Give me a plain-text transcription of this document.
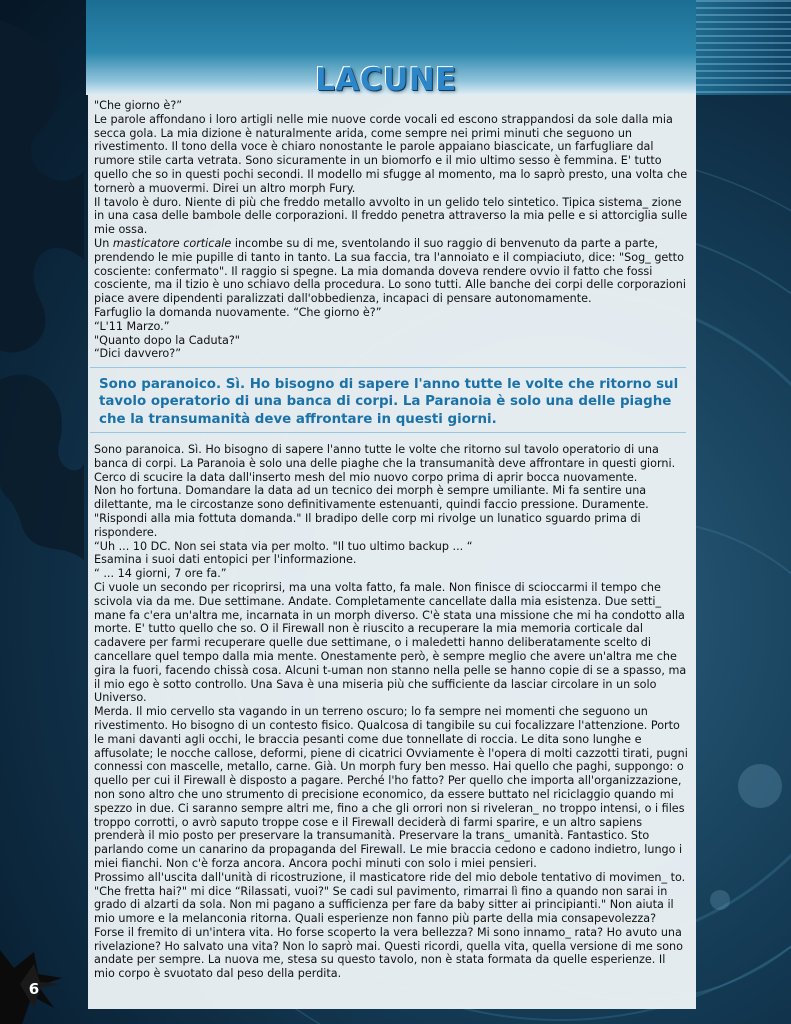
LACUNE

"Che giorno è?”

Le parole affondano i loro artigli nelle mie nuove corde vocali ed escono strappandosi da sole dalla mia secca gola. La mia dizione è naturalmente arida, come sempre nei primi minuti che seguono un rivestimento. Il tono della voce è chiaro nonostante le parole appaiano biascicate, un farfugliare dal rumore stile carta vetrata. Sono sicuramente in un biomorfo e il mio ultimo sesso è femmina. E' tutto quello che so in questi pochi secondi. Il modello mi sfugge al momento, ma lo saprò presto, una volta che tornerò a muovermi. Direi un altro morph Fury.

Il tavolo è duro. Niente di più che freddo metallo avvolto in un gelido telo sintetico. Tipica sistema_ zione in una casa delle bambole delle corporazioni. Il freddo penetra attraverso la mia pelle e si attorciglia sulle mie ossa.

Un masticatore corticale incombe su di me, sventolando il suo raggio di benvenuto da parte a parte, prendendo le mie pupille di tanto in tanto. La sua faccia, tra l'annoiato e il compiaciuto, dice: "Sog_ getto cosciente: confermato". Il raggio si spegne. La mia domanda doveva rendere ovvio il fatto che fossi cosciente, ma il tizio è uno schiavo della procedura. Lo sono tutti. Alle banche dei corpi delle corporazioni piace avere dipendenti paralizzati dall'obbedienza, incapaci di pensare autonomamente.

Farfuglio la domanda nuovamente. “Che giorno è?”

“L'11 Marzo.”

"Quanto dopo la Caduta?"

“Dici davvero?”

Sono paranoico. Sì. Ho bisogno di sapere l'anno tutte le volte che ritorno sul tavolo operatorio di una banca di corpi. La Paranoia è solo una delle piaghe che la transumanità deve affrontare in questi giorni.

Sono paranoica. Sì. Ho bisogno di sapere l'anno tutte le volte che ritorno sul tavolo operatorio di una banca di corpi. La Paranoia è solo una delle piaghe che la transumanità deve affrontare in questi giorni.

Cerco di scucire la data dall'inserto mesh del mio nuovo corpo prima di aprir bocca nuovamente.

Non ho fortuna. Domandare la data ad un tecnico dei morph è sempre umiliante. Mi fa sentire una dilettante, ma le circostanze sono definitivamente estenuanti, quindi faccio pressione. Duramente. "Rispondi alla mia fottuta domanda." Il bradipo delle corp mi rivolge un lunatico sguardo prima di rispondere.

“Uh ... 10 DC. Non sei stata via per molto. "Il tuo ultimo backup ... “

Esamina i suoi dati entopici per l'informazione.

“ ... 14 giorni, 7 ore fa.”

Ci vuole un secondo per ricoprirsi, ma una volta fatto, fa male. Non finisce di scioccarmi il tempo che scivola via da me. Due settimane. Andate. Completamente cancellate dalla mia esistenza. Due setti_ mane fa c'era un'altra me, incarnata in un morph diverso. C'è stata una missione che mi ha condotto alla morte. E' tutto quello che so. O il Firewall non è riuscito a recuperare la mia memoria corticale dal cadavere per farmi recuperare quelle due settimane, o i maledetti hanno deliberatamente scelto di cancellare quel tempo dalla mia mente. Onestamente però, è sempre meglio che avere un'altra me che gira la fuori, facendo chissà cosa. Alcuni t-uman non stanno nella pelle se hanno copie di se a spasso, ma il mio ego è sotto controllo. Una Sava è una miseria più che sufficiente da lasciar circolare in un solo Universo.

Merda. Il mio cervello sta vagando in un terreno oscuro; lo fa sempre nei momenti che seguono un rivestimento. Ho bisogno di un contesto fisico. Qualcosa di tangibile su cui focalizzare l'attenzione. Porto le mani davanti agli occhi, le braccia pesanti come due tonnellate di roccia. Le dita sono lunghe e affusolate; le nocche callose, deformi, piene di cicatrici Ovviamente è l'opera di molti cazzotti tirati, pugni connessi con mascelle, metallo, carne. Già. Un morph fury ben messo. Hai quello che paghi, suppongo: o quello per cui il Firewall è disposto a pagare. Perché l'ho fatto? Per quello che importa all'organizzazione, non sono altro che uno strumento di precisione economico, da essere buttato nel riciclaggio quando mi spezzo in due. Ci saranno sempre altri me, fino a che gli orrori non si riveleran_ no troppo intensi, o i files troppo corrotti, o avrò saputo troppe cose e il Firewall deciderà di farmi sparire, e un altro sapiens prenderà il mio posto per preservare la transumanità. Preservare la trans_ umanità. Fantastico. Sto parlando come un canarino da propaganda del Firewall. Le mie braccia cedono e cadono indietro, lungo i miei fianchi. Non c'è forza ancora. Ancora pochi minuti con solo i miei pensieri.

Prossimo all'uscita dall'unità di ricostruzione, il masticatore ride del mio debole tentativo di movimen_ to. "Che fretta hai?" mi dice “Rilassati, vuoi?" Se cadi sul pavimento, rimarrai lì fino a quando non sarai in grado di alzarti da sola. Non mi pagano a sufficienza per fare da baby sitter ai principianti." Non aiuta il mio umore e la melanconia ritorna. Quali esperienze non fanno più parte della mia consapevolezza? Forse il fremito di un'intera vita. Ho forse scoperto la vera bellezza? Mi sono innamo_ rata? Ho avuto una rivelazione? Ho salvato una vita? Non lo saprò mai. Questi ricordi, quella vita, quella versione di me sono andate per sempre. La nuova me, stesa su questo tavolo, non è stata formata da quelle esperienze. Il mio corpo è svuotato dal peso della perdita.

6
